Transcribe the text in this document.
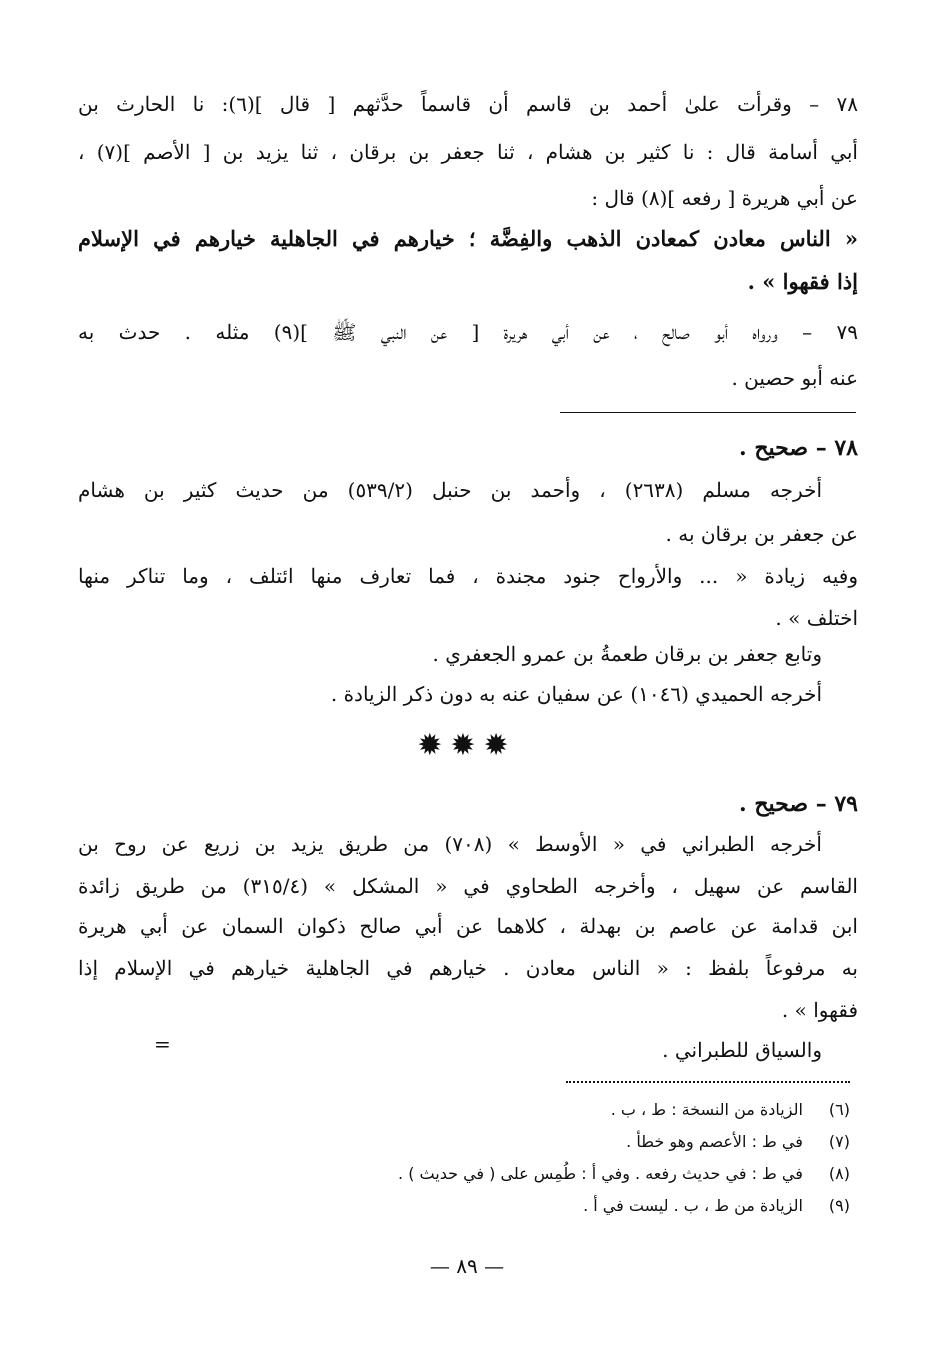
٧٨ – وقرأت علىٰ أحمد بن قاسم أن قاسماً حدَّثهم [ قال ](٦): نا الحارث بن
أبي أسامة قال : نا كثير بن هشام ، ثنا جعفر بن برقان ، ثنا يزيد بن [ الأصم ](٧) ،
عن أبي هريرة [ رفعه ](٨) قال :
« الناس معادن كمعادن الذهب والفِضَّة ؛ خيارهم في الجاهلية خيارهم في الإسلام
إذا فقهوا » .
٧٩ – ورواه أبو صالح ، عن أبي هريرة [ عن النبي ﷺ ](٩) مثله . حدث به
عنه أبو حصين .
٧٨ – صحيح .
أخرجه مسلم (٢٦٣٨) ، وأحمد بن حنبل (٥٣٩/٢) من حديث كثير بن هشام
عن جعفر بن برقان به .
وفيه زيادة « ... والأرواح جنود مجندة ، فما تعارف منها ائتلف ، وما تناكر منها
اختلف » .
وتابع جعفر بن برقان طعمةُ بن عمرو الجعفري .
أخرجه الحميدي (١٠٤٦) عن سفيان عنه به دون ذكر الزيادة .
✹✹✹
٧٩ – صحيح .
أخرجه الطبراني في « الأوسط » (٧٠٨) من طريق يزيد بن زريع عن روح بن
القاسم عن سهيل ، وأخرجه الطحاوي في « المشكل » (٣١٥/٤) من طريق زائدة
ابن قدامة عن عاصم بن بهدلة ، كلاهما عن أبي صالح ذكوان السمان عن أبي هريرة
به مرفوعاً بلفظ : « الناس معادن . خيارهم في الجاهلية خيارهم في الإسلام إذا
فقهوا » .
والسياق للطبراني .
=
(٦) الزيادة من النسخة : ط ، ب .
(٧) في ط : الأعصم وهو خطأ .
(٨) في ط : في حديث رفعه . وفي أ : طُمِس على ( في حديث ) .
(٩) الزيادة من ط ، ب . ليست في أ .
— ٨٩ —
